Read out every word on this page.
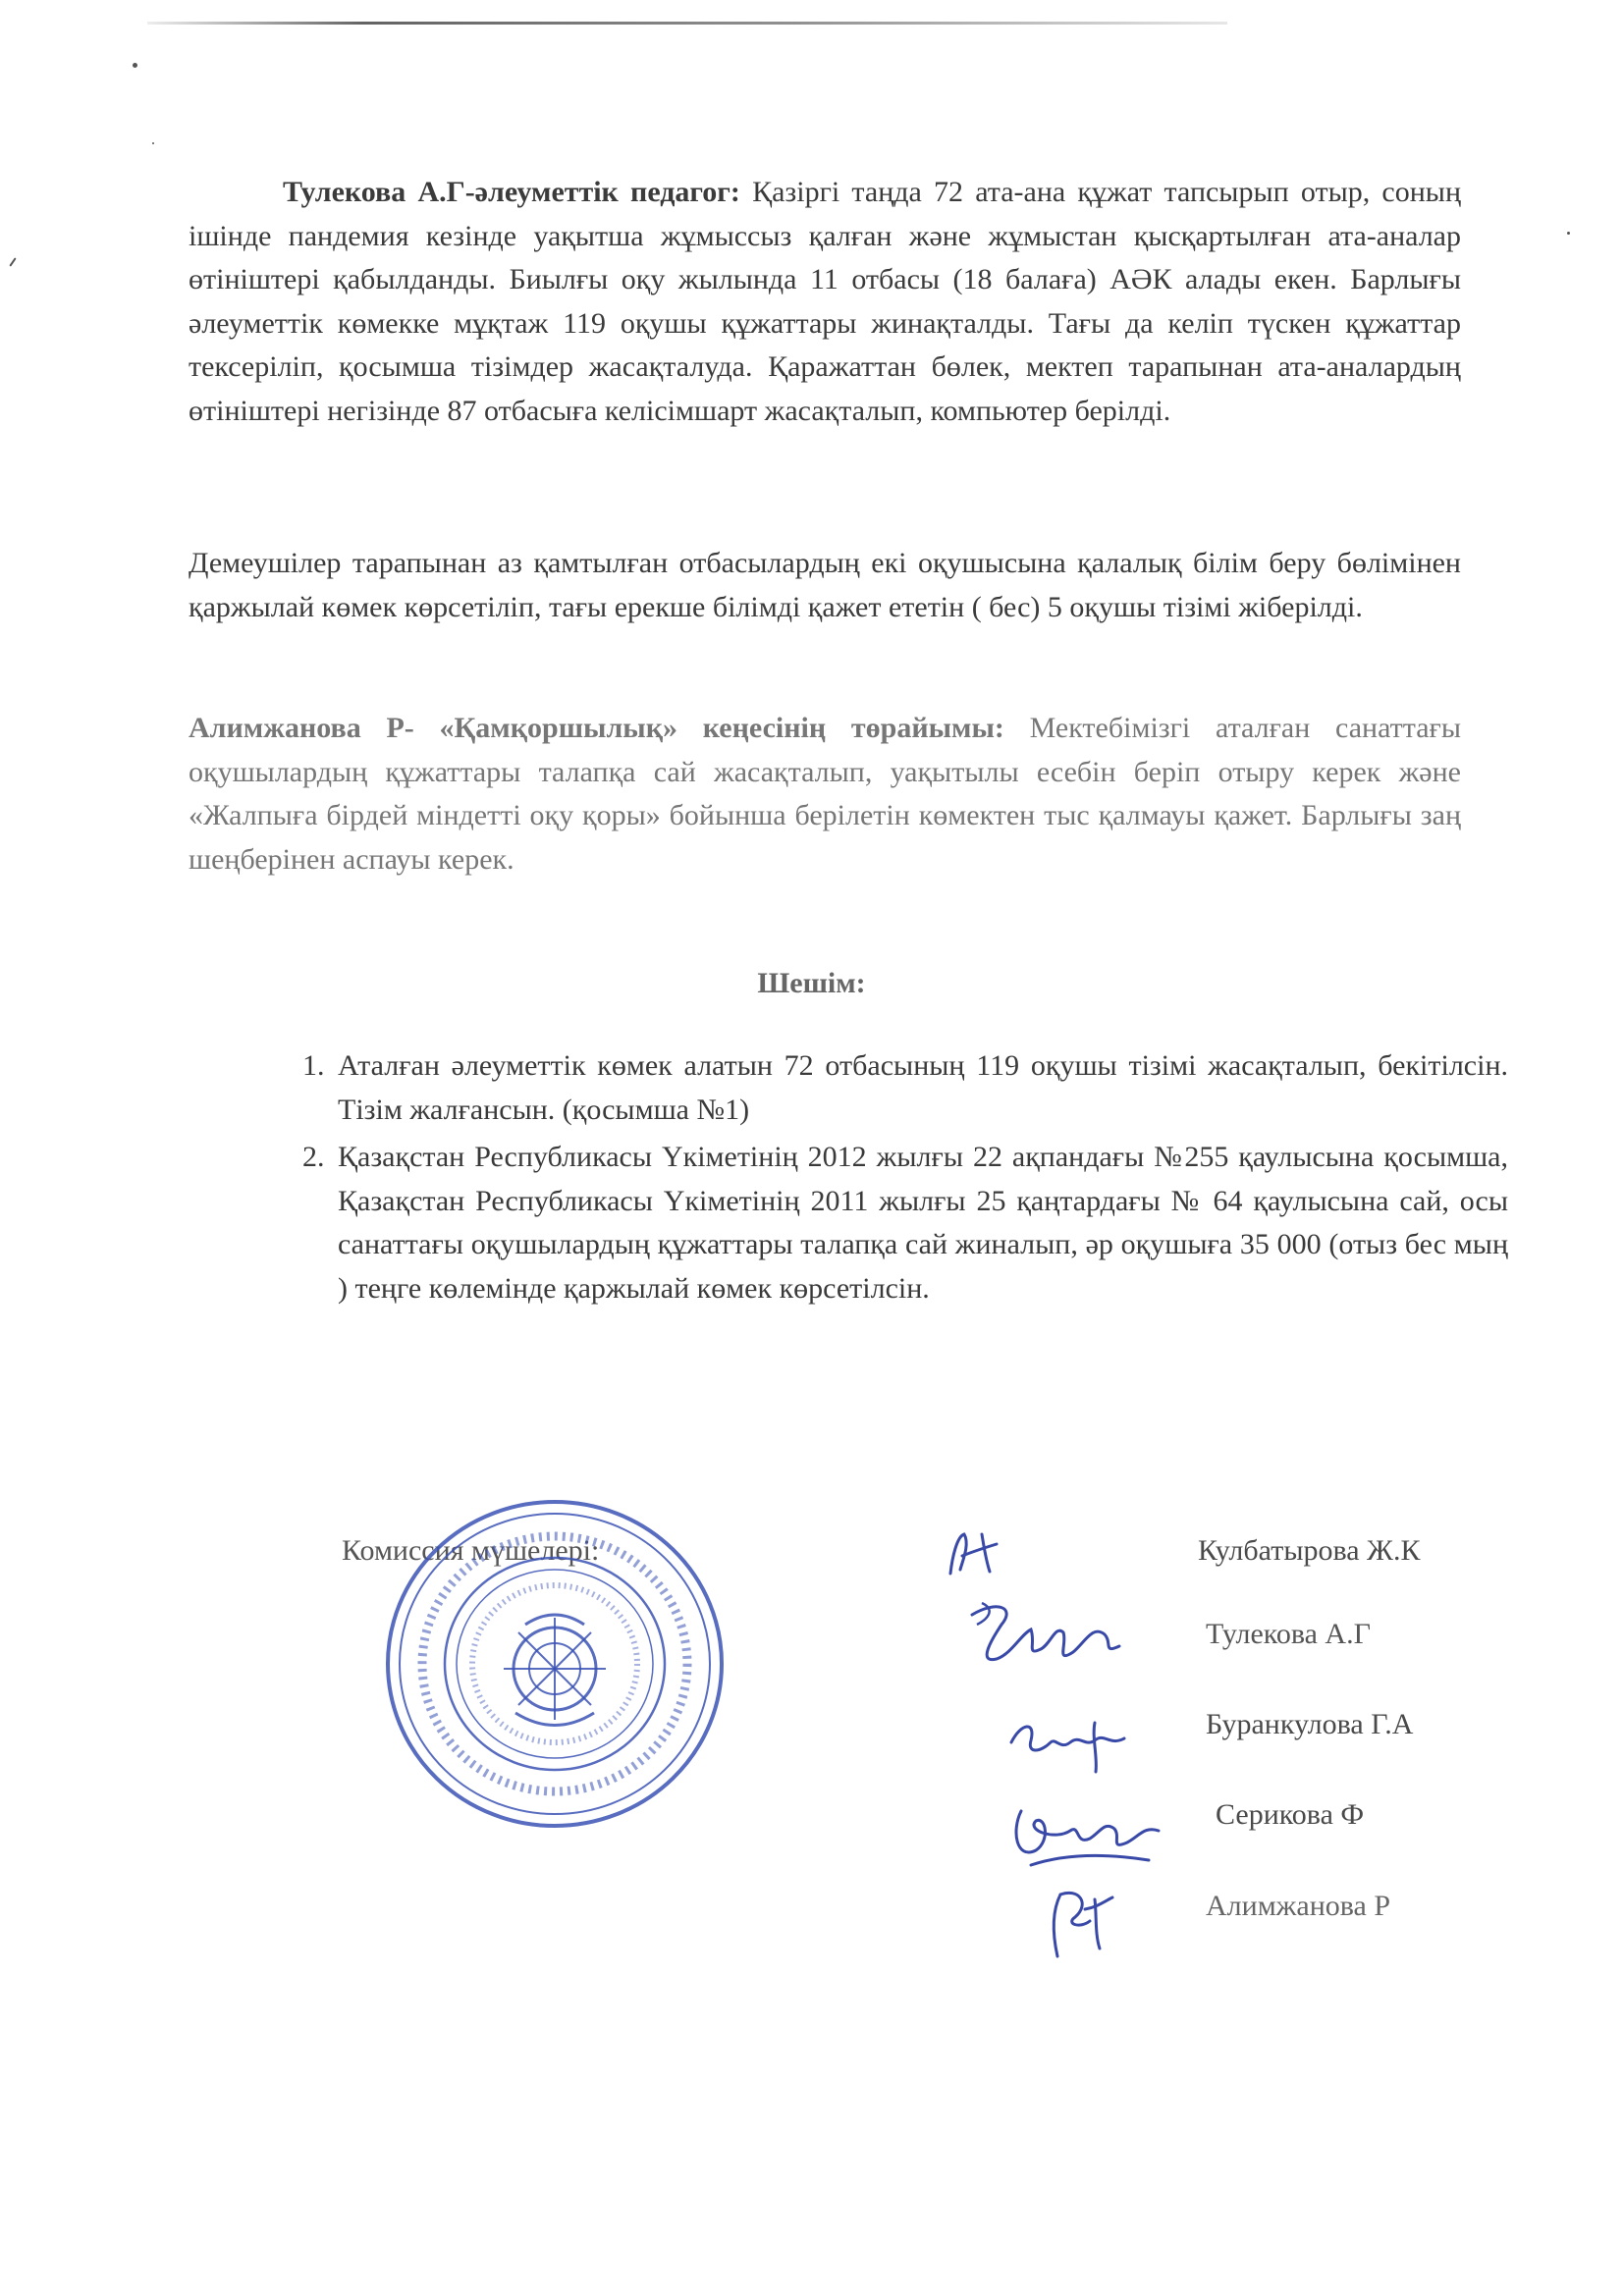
Тулекова А.Г-әлеуметтік педагог: Қазіргі таңда 72 ата-ана құжат тапсырып отыр, соның ішінде пандемия кезінде уақытша жұмыссыз қалған және жұмыстан қысқартылған ата-аналар өтініштері қабылданды. Биылғы оқу жылында 11 отбасы (18 балаға) АӘК алады екен. Барлығы әлеуметтік көмекке мұқтаж 119 оқушы құжаттары жинақталды. Тағы да келіп түскен құжаттар тексеріліп, қосымша тізімдер жасақталуда. Қаражаттан бөлек, мектеп тарапынан ата-аналардың өтініштері негізінде 87 отбасыға келісімшарт жасақталып, компьютер берілді.

Демеушілер тарапынан аз қамтылған отбасылардың екі оқушысына қалалық білім беру бөлімінен қаржылай көмек көрсетіліп, тағы ерекше білімді қажет ететін ( бес) 5 оқушы тізімі жіберілді.

Алимжанова Р- «Қамқоршылық» кеңесінің төрайымы: Мектебімізгі аталған санаттағы оқушылардың құжаттары талапқа сай жасақталып, уақытылы есебін беріп отыру керек және «Жалпыға бірдей міндетті оқу қоры» бойынша берілетін көмектен тыс қалмауы қажет. Барлығы заң шеңберінен аспауы керек.

Шешім:
1. Аталған әлеуметтік көмек алатын 72 отбасының 119 оқушы тізімі жасақталып, бекітілсін. Тізім жалғансын. (қосымша №1)
2. Қазақстан Республикасы Үкіметінің 2012 жылғы 22 ақпандағы №255 қаулысына қосымша, Қазақстан Республикасы Үкіметінің 2011 жылғы 25 қаңтардағы № 64 қаулысына сай, осы санаттағы оқушылардың құжаттары талапқа сай жиналып, әр оқушыға 35 000 (отыз бес мың ) теңге көлемінде қаржылай көмек көрсетілсін.
Комиссия мүшелері:	Кулбатырова Ж.К
Тулекова А.Г
Буранкулова Г.А
Серикова Ф
Алимжанова Р
